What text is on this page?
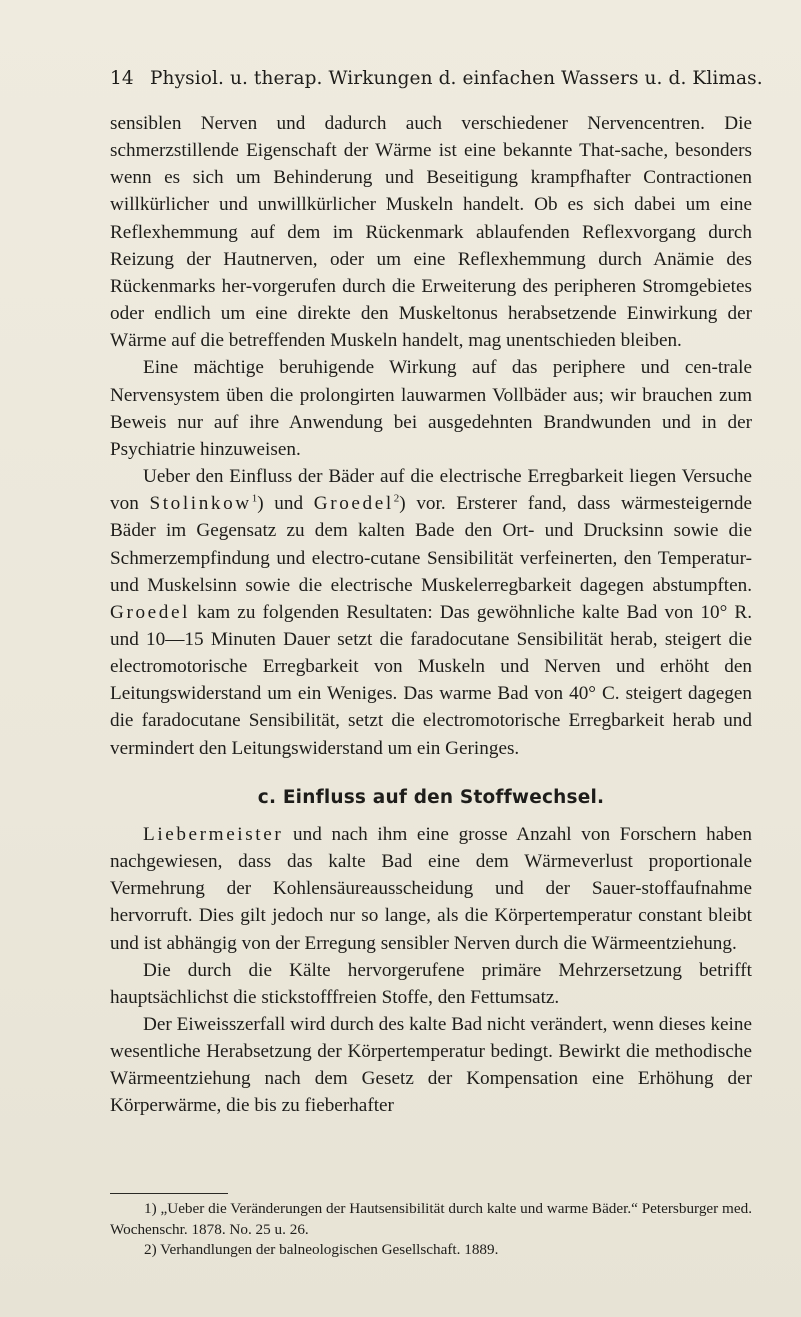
14 Physiol. u. therap. Wirkungen d. einfachen Wassers u. d. Klimas.

sensiblen Nerven und dadurch auch verschiedener Nervencentren. Die schmerzstillende Eigenschaft der Wärme ist eine bekannte That-sache, besonders wenn es sich um Behinderung und Beseitigung krampfhafter Contractionen willkürlicher und unwillkürlicher Muskeln handelt. Ob es sich dabei um eine Reflexhemmung auf dem im Rückenmark ablaufenden Reflexvorgang durch Reizung der Hautnerven, oder um eine Reflexhemmung durch Anämie des Rückenmarks her-vorgerufen durch die Erweiterung des peripheren Stromgebietes oder endlich um eine direkte den Muskeltonus herabsetzende Einwirkung der Wärme auf die betreffenden Muskeln handelt, mag unentschieden bleiben.

Eine mächtige beruhigende Wirkung auf das periphere und cen-trale Nervensystem üben die prolongirten lauwarmen Vollbäder aus; wir brauchen zum Beweis nur auf ihre Anwendung bei ausgedehnten Brandwunden und in der Psychiatrie hinzuweisen.

Ueber den Einfluss der Bäder auf die electrische Erregbarkeit liegen Versuche von Stolinkow$^1$) und Groedel$^2$) vor. Ersterer fand, dass wärmesteigernde Bäder im Gegensatz zu dem kalten Bade den Ort- und Drucksinn sowie die Schmerzempfindung und electro-cutane Sensibilität verfeinerten, den Temperatur- und Muskelsinn sowie die electrische Muskelerregbarkeit dagegen abstumpften. Groedel kam zu folgenden Resultaten: Das gewöhnliche kalte Bad von 10° R. und 10—15 Minuten Dauer setzt die faradocutane Sensibilität herab, steigert die electromotorische Erregbarkeit von Muskeln und Nerven und erhöht den Leitungswiderstand um ein Weniges. Das warme Bad von 40° C. steigert dagegen die faradocutane Sensibilität, setzt die electromotorische Erregbarkeit herab und vermindert den Leitungswiderstand um ein Geringes.

c. Einfluss auf den Stoffwechsel.

Liebermeister und nach ihm eine grosse Anzahl von Forschern haben nachgewiesen, dass das kalte Bad eine dem Wärmeverlust proportionale Vermehrung der Kohlensäureausscheidung und der Sauer-stoffaufnahme hervorruft. Dies gilt jedoch nur so lange, als die Körpertemperatur constant bleibt und ist abhängig von der Erregung sensibler Nerven durch die Wärmeentziehung.

Die durch die Kälte hervorgerufene primäre Mehrzersetzung betrifft hauptsächlichst die stickstofffreien Stoffe, den Fettumsatz.

Der Eiweisszerfall wird durch des kalte Bad nicht verändert, wenn dieses keine wesentliche Herabsetzung der Körpertemperatur bedingt. Bewirkt die methodische Wärmeentziehung nach dem Gesetz der Kompensation eine Erhöhung der Körperwärme, die bis zu fieberhafter

1) „Ueber die Veränderungen der Hautsensibilität durch kalte und warme Bäder.“ Petersburger med. Wochenschr. 1878. No. 25 u. 26.

2) Verhandlungen der balneologischen Gesellschaft. 1889.
